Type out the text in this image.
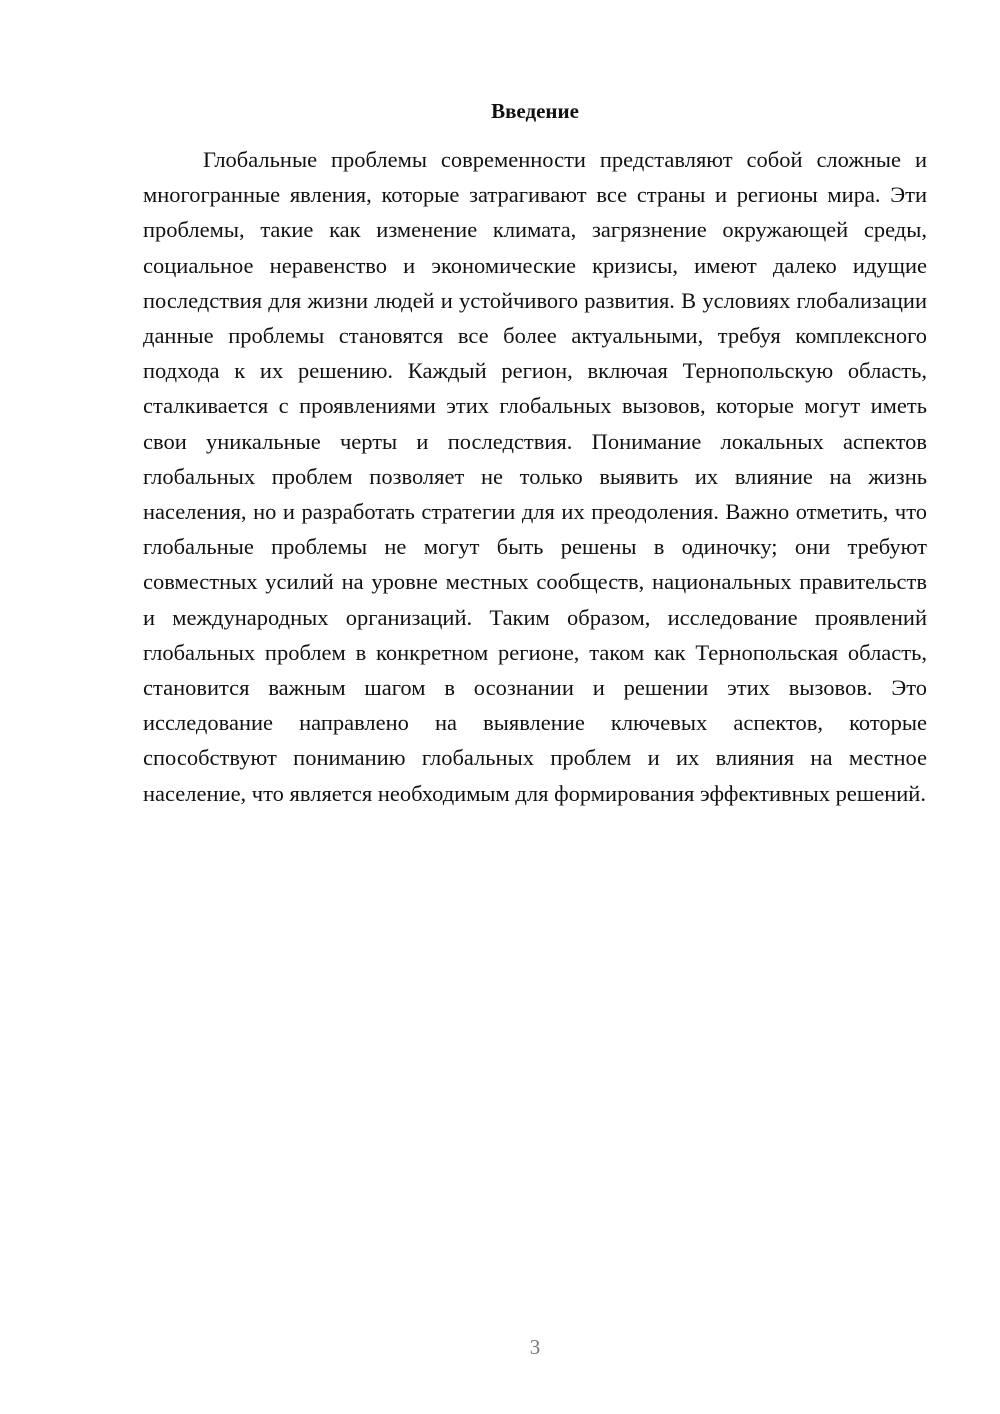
Введение

Глобальные проблемы современности представляют собой сложные и многогранные явления, которые затрагивают все страны и регионы мира. Эти проблемы, такие как изменение климата, загрязнение окружающей среды, социальное неравенство и экономические кризисы, имеют далеко идущие последствия для жизни людей и устойчивого развития. В условиях глобализации данные проблемы становятся все более актуальными, требуя комплексного подхода к их решению. Каждый регион, включая Тернопольскую область, сталкивается с проявлениями этих глобальных вызовов, которые могут иметь свои уникальные черты и последствия. Понимание локальных аспектов глобальных проблем позволяет не только выявить их влияние на жизнь населения, но и разработать стратегии для их преодоления. Важно отметить, что глобальные проблемы не могут быть решены в одиночку; они требуют совместных усилий на уровне местных сообществ, национальных правительств и международных организаций. Таким образом, исследование проявлений глобальных проблем в конкретном регионе, таком как Тернопольская область, становится важным шагом в осознании и решении этих вызовов. Это исследование направлено на выявление ключевых аспектов, которые способствуют пониманию глобальных проблем и их влияния на местное население, что является необходимым для формирования эффективных решений.

3
